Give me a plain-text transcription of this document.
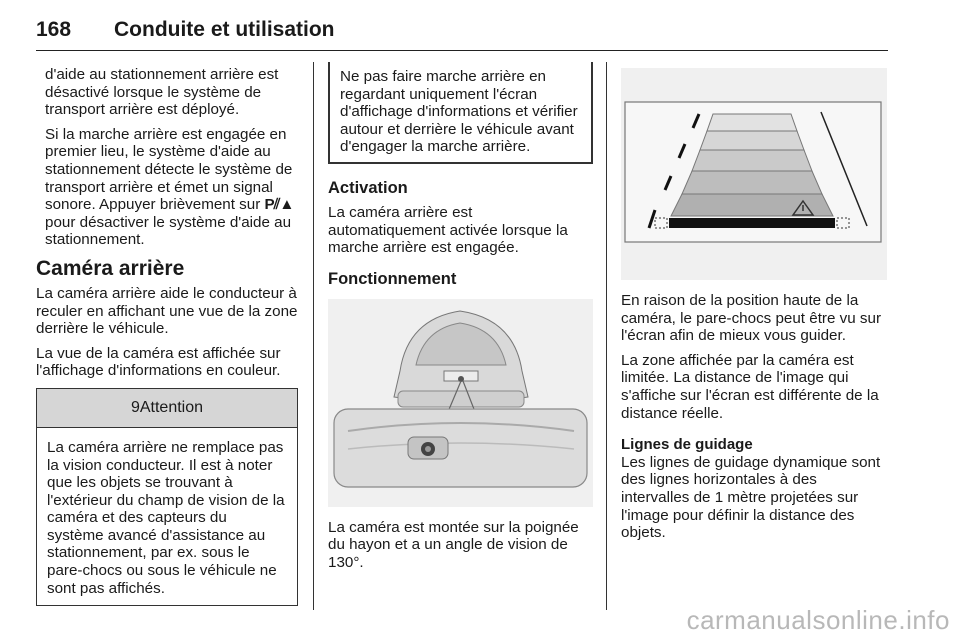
168 Conduite et utilisation

d'aide au stationnement arrière est désactivé lorsque le système de transport arrière est déployé.

Si la marche arrière est engagée en premier lieu, le système d'aide au stationnement détecte le système de transport arrière et émet un signal sonore. Appuyer brièvement sur P⫽▲ pour désactiver le système d'aide au stationnement.

Caméra arrière

La caméra arrière aide le conducteur à reculer en affichant une vue de la zone derrière le véhicule.

La vue de la caméra est affichée sur l'affichage d'informations en couleur.

9Attention
La caméra arrière ne remplace pas la vision conducteur. Il est à noter que les objets se trouvant à l'extérieur du champ de vision de la caméra et des capteurs du système avancé d'assistance au stationnement, par ex. sous le pare-chocs ou sous le véhicule ne sont pas affichés.
Ne pas faire marche arrière en regardant uniquement l'écran d'affichage d'informations et vérifier autour et derrière le véhicule avant d'engager la marche arrière.
Activation

La caméra arrière est automatiquement activée lorsque la marche arrière est engagée.

Fonctionnement

La caméra est montée sur la poignée du hayon et a un angle de vision de 130°.

En raison de la position haute de la caméra, le pare-chocs peut être vu sur l'écran afin de mieux vous guider.

La zone affichée par la caméra est limitée. La distance de l'image qui s'affiche sur l'écran est différente de la distance réelle.

Lignes de guidage

Les lignes de guidage dynamique sont des lignes horizontales à des intervalles de 1 mètre projetées sur l'image pour définir la distance des objets.

carmanualsonline.info
